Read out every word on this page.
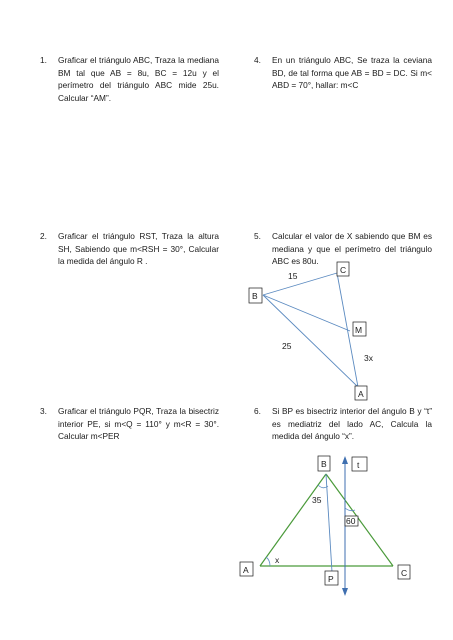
1. Graficar el triángulo ABC, Traza la mediana BM tal que AB = 8u, BC = 12u y el perímetro del triángulo ABC mide 25u. Calcular “AM”.
4. En un triángulo ABC, Se traza la ceviana BD, de tal forma que AB = BD = DC. Si m< ABD = 70°, hallar: m<C
2. Graficar el triángulo RST, Traza la altura SH, Sabiendo que m<RSH = 30°, Calcular la medida del ángulo R .
5. Calcular el valor de X sabiendo que BM es mediana y que el perímetro del triángulo ABC es 80u.
3. Graficar el triángulo PQR, Traza la bisectriz interior PE, si m<Q = 110° y m<R = 30°. Calcular m<PER
6. Si BP es bisectriz interior del ángulo B y “t” es mediatriz del lado AC, Calcula la medida del ángulo “x”.
C
B
M
A
15
25
3x
B	t
35
60
x
A
P
C
